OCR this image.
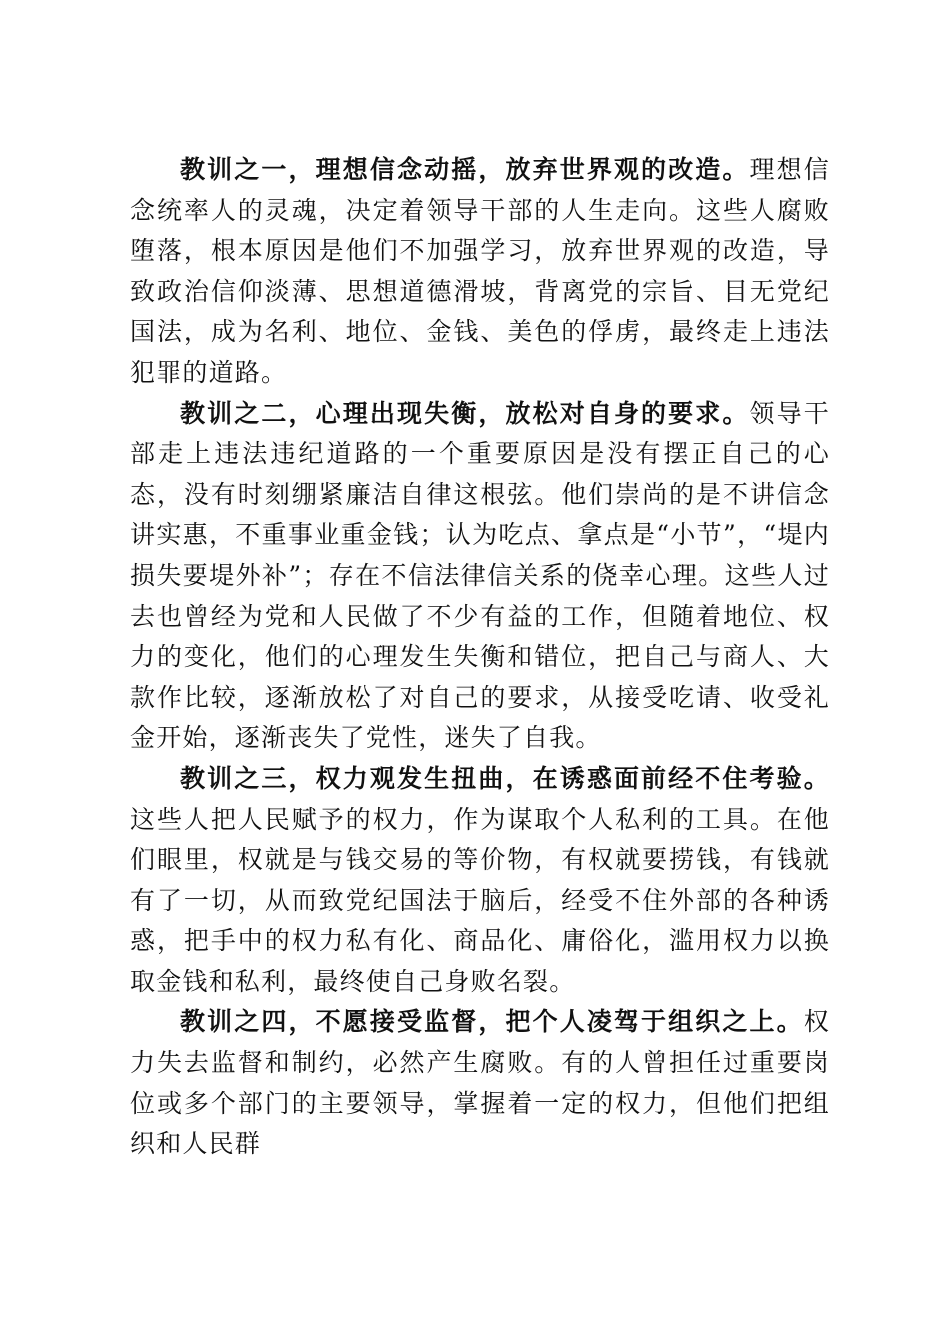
教训之一，理想信念动摇，放弃世界观的改造。理想信念统率人的灵魂，决定着领导干部的人生走向。这些人腐败堕落，根本原因是他们不加强学习，放弃世界观的改造，导致政治信仰淡薄、思想道德滑坡，背离党的宗旨、目无党纪国法，成为名利、地位、金钱、美色的俘虏，最终走上违法犯罪的道路。

教训之二，心理出现失衡，放松对自身的要求。领导干部走上违法违纪道路的一个重要原因是没有摆正自己的心态，没有时刻绷紧廉洁自律这根弦。他们崇尚的是不讲信念讲实惠，不重事业重金钱；认为吃点、拿点是“小节”，“堤内损失要堤外补”；存在不信法律信关系的侥幸心理。这些人过去也曾经为党和人民做了不少有益的工作，但随着地位、权力的变化，他们的心理发生失衡和错位，把自己与商人、大款作比较，逐渐放松了对自己的要求，从接受吃请、收受礼金开始，逐渐丧失了党性，迷失了自我。

教训之三，权力观发生扭曲，在诱惑面前经不住考验。这些人把人民赋予的权力，作为谋取个人私利的工具。在他们眼里，权就是与钱交易的等价物，有权就要捞钱，有钱就有了一切，从而致党纪国法于脑后，经受不住外部的各种诱惑，把手中的权力私有化、商品化、庸俗化，滥用权力以换取金钱和私利，最终使自己身败名裂。

教训之四，不愿接受监督，把个人凌驾于组织之上。权力失去监督和制约，必然产生腐败。有的人曾担任过重要岗位或多个部门的主要领导，掌握着一定的权力，但他们把组织和人民群
